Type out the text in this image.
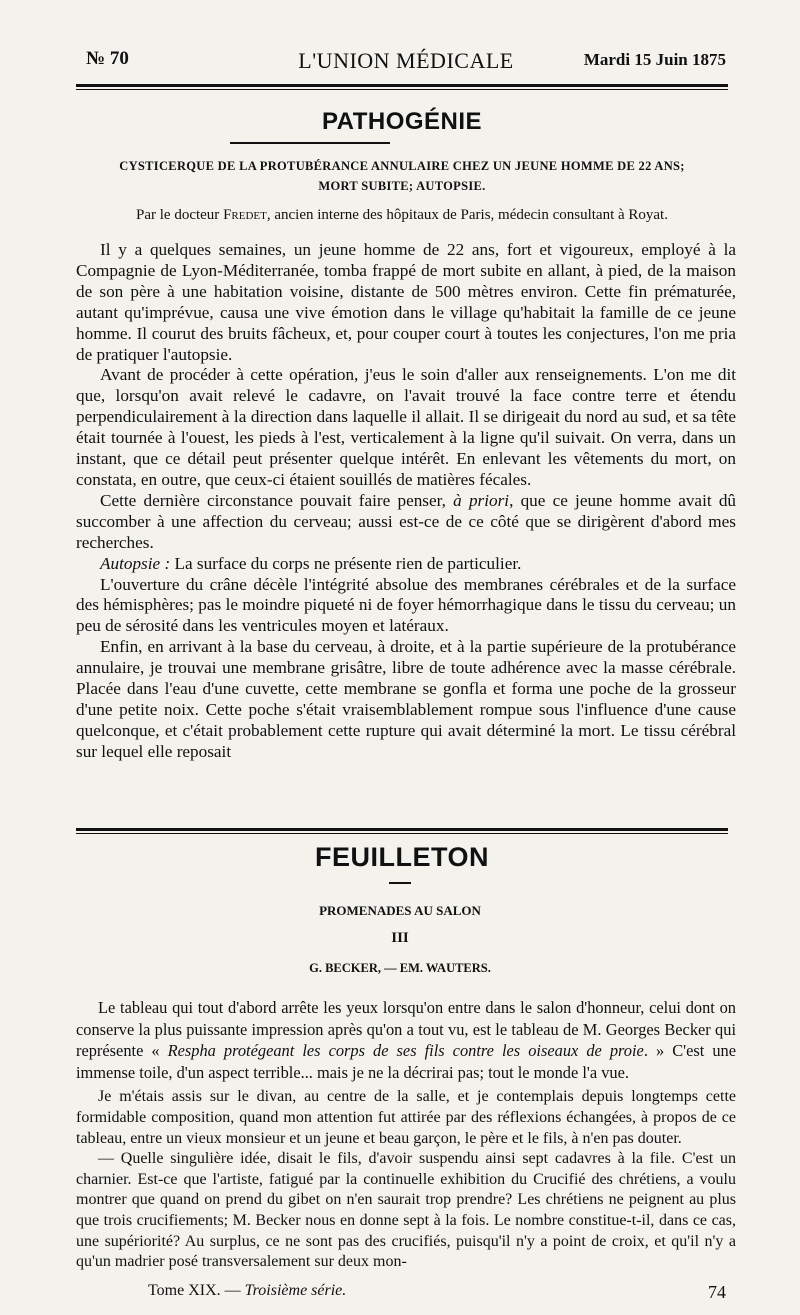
№ 70	L'UNION MÉDICALE	Mardi 15 Juin 1875
PATHOGÉNIE
CYSTICERQUE DE LA PROTUBÉRANCE ANNULAIRE CHEZ UN JEUNE HOMME DE 22 ANS;
MORT SUBITE; AUTOPSIE.
Par le docteur Fredet, ancien interne des hôpitaux de Paris, médecin consultant à Royat.

Il y a quelques semaines, un jeune homme de 22 ans, fort et vigoureux, employé à la Compagnie de Lyon-Méditerranée, tomba frappé de mort subite en allant, à pied, de la maison de son père à une habitation voisine, distante de 500 mètres environ. Cette fin prématurée, autant qu'imprévue, causa une vive émotion dans le village qu'habitait la famille de ce jeune homme. Il courut des bruits fâcheux, et, pour couper court à toutes les conjectures, l'on me pria de pratiquer l'autopsie.

Avant de procéder à cette opération, j'eus le soin d'aller aux renseignements. L'on me dit que, lorsqu'on avait relevé le cadavre, on l'avait trouvé la face contre terre et étendu perpendiculairement à la direction dans laquelle il allait. Il se dirigeait du nord au sud, et sa tête était tournée à l'ouest, les pieds à l'est, verticalement à la ligne qu'il suivait. On verra, dans un instant, que ce détail peut présenter quelque intérêt. En enlevant les vêtements du mort, on constata, en outre, que ceux-ci étaient souillés de matières fécales.

Cette dernière circonstance pouvait faire penser, à priori, que ce jeune homme avait dû succomber à une affection du cerveau; aussi est-ce de ce côté que se dirigèrent d'abord mes recherches.

Autopsie : La surface du corps ne présente rien de particulier.

L'ouverture du crâne décèle l'intégrité absolue des membranes cérébrales et de la surface des hémisphères; pas le moindre piqueté ni de foyer hémorrhagique dans le tissu du cerveau; un peu de sérosité dans les ventricules moyen et latéraux.

Enfin, en arrivant à la base du cerveau, à droite, et à la partie supérieure de la protubérance annulaire, je trouvai une membrane grisâtre, libre de toute adhérence avec la masse cérébrale. Placée dans l'eau d'une cuvette, cette membrane se gonfla et forma une poche de la grosseur d'une petite noix. Cette poche s'était vraisemblablement rompue sous l'influence d'une cause quelconque, et c'était probablement cette rupture qui avait déterminé la mort. Le tissu cérébral sur lequel elle reposait

FEUILLETON
PROMENADES AU SALON
III
G. BECKER, — EM. WAUTERS.

Le tableau qui tout d'abord arrête les yeux lorsqu'on entre dans le salon d'honneur, celui dont on conserve la plus puissante impression après qu'on a tout vu, est le tableau de M. Georges Becker qui représente « Respha protégeant les corps de ses fils contre les oiseaux de proie. » C'est une immense toile, d'un aspect terrible... mais je ne la décrirai pas; tout le monde l'a vue.

Je m'étais assis sur le divan, au centre de la salle, et je contemplais depuis longtemps cette formidable composition, quand mon attention fut attirée par des réflexions échangées, à propos de ce tableau, entre un vieux monsieur et un jeune et beau garçon, le père et le fils, à n'en pas douter.

— Quelle singulière idée, disait le fils, d'avoir suspendu ainsi sept cadavres à la file. C'est un charnier. Est-ce que l'artiste, fatigué par la continuelle exhibition du Crucifié des chrétiens, a voulu montrer que quand on prend du gibet on n'en saurait trop prendre? Les chrétiens ne peignent au plus que trois crucifiements; M. Becker nous en donne sept à la fois. Le nombre constitue-t-il, dans ce cas, une supériorité? Au surplus, ce ne sont pas des crucifiés, puisqu'il n'y a point de croix, et qu'il n'y a qu'un madrier posé transversalement sur deux mon-

Tome XIX. — Troisième série.	74
